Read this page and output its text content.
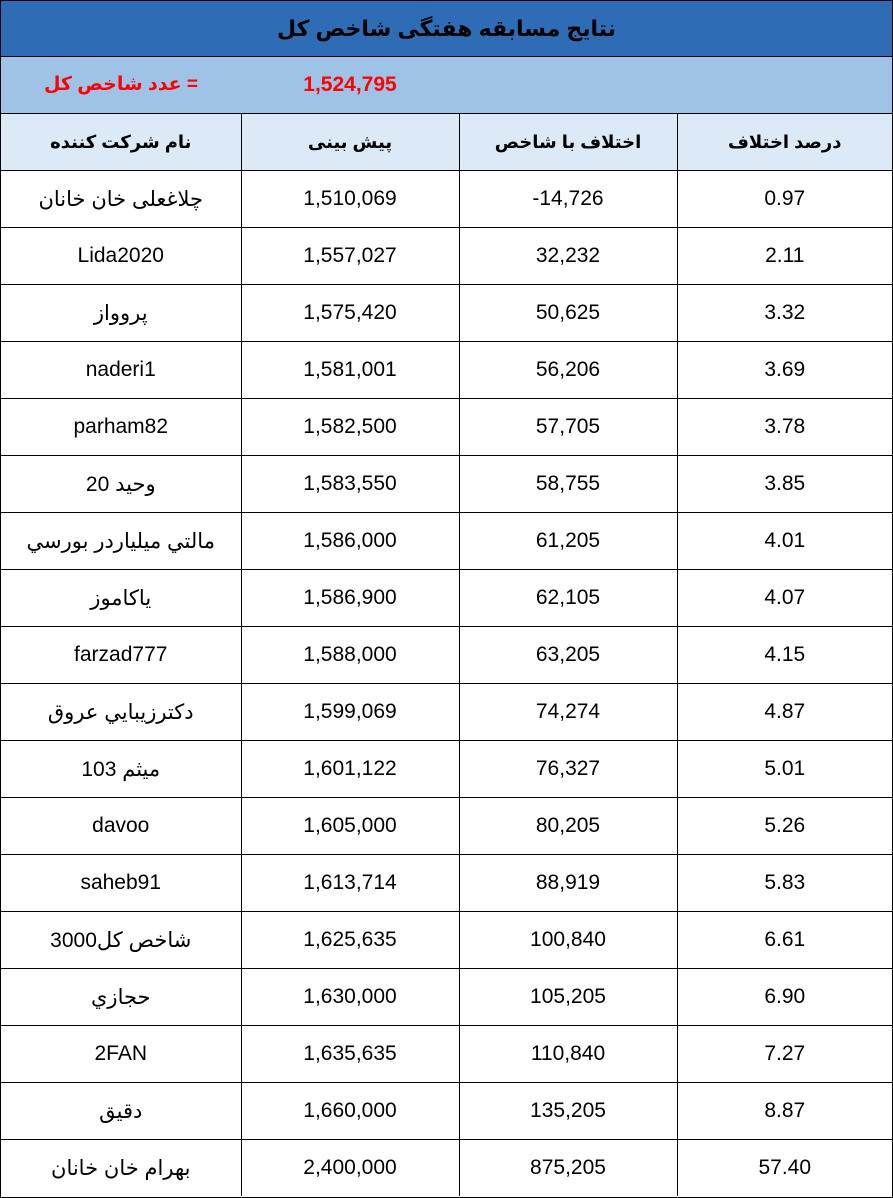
نتایج مسابقه هفتگی شاخص کل
= عدد شاخص کل	1,524,795
نام شرکت کننده	پیش بینی	اختلاف با شاخص	درصد اختلاف
چلاغعلی خان خانان	1,510,069	-14,726	0.97
Lida2020	1,557,027	32,232	2.11
پروواز	1,575,420	50,625	3.32
naderi1	1,581,001	56,206	3.69
parham82	1,582,500	57,705	3.78
وحید 20	1,583,550	58,755	3.85
مالتي ميلياردر بورسي	1,586,000	61,205	4.01
یاکاموز	1,586,900	62,105	4.07
farzad777	1,588,000	63,205	4.15
دكترزيبايي عروق	1,599,069	74,274	4.87
میثم 103	1,601,122	76,327	5.01
davoo	1,605,000	80,205	5.26
saheb91	1,613,714	88,919	5.83
شاخص کل3000	1,625,635	100,840	6.61
حجازي	1,630,000	105,205	6.90
2FAN	1,635,635	110,840	7.27
دقيق	1,660,000	135,205	8.87
بهرام خان خانان	2,400,000	875,205	57.40
